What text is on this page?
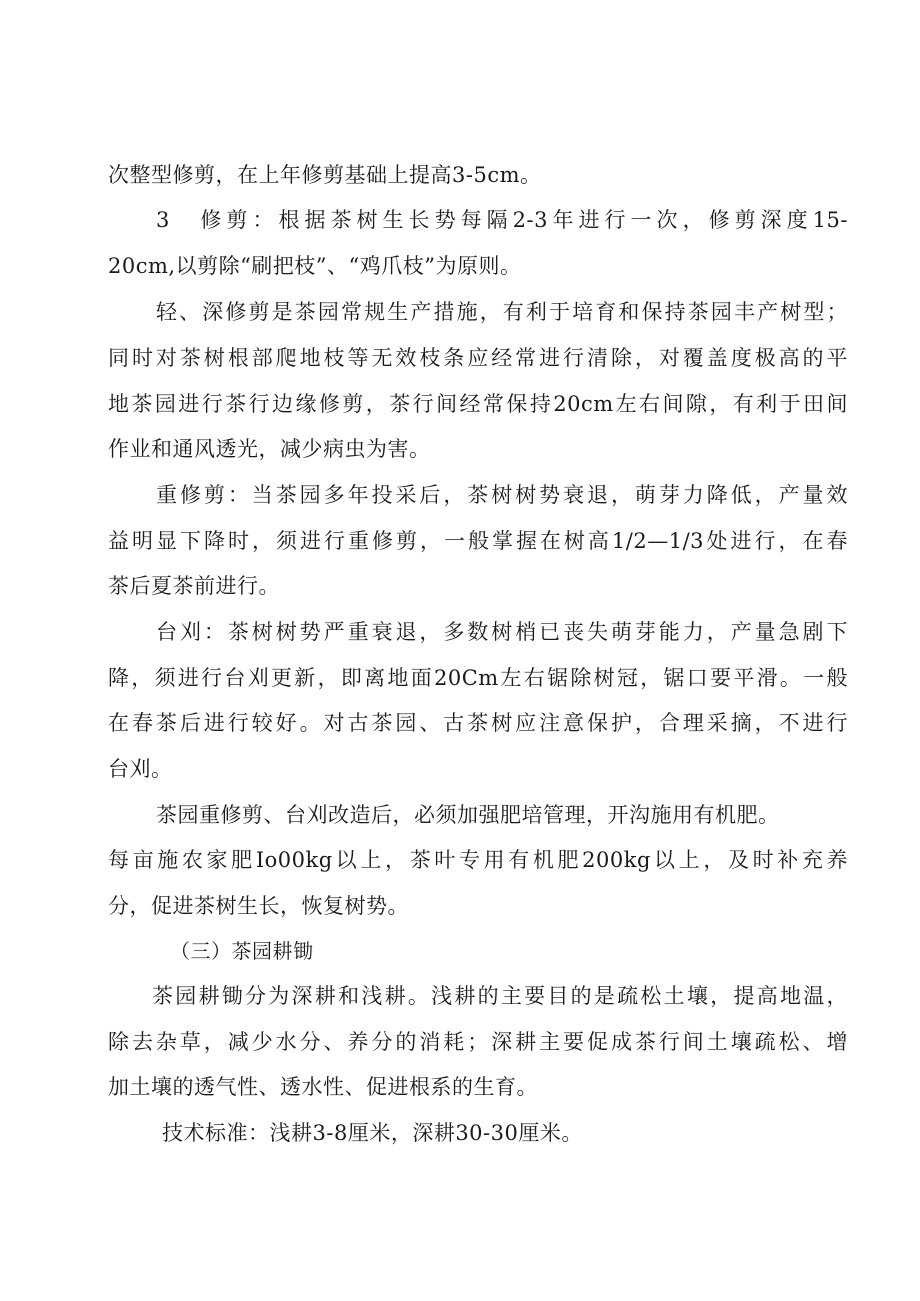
次整型修剪，在上年修剪基础上提高3-5cm。
3　修剪：根据茶树生长势每隔2-3年进行一次，修剪深度15-
20cm,以剪除“刷把枝”、“鸡爪枝”为原则。
轻、深修剪是茶园常规生产措施，有利于培育和保持茶园丰产树型；
同时对茶树根部爬地枝等无效枝条应经常进行清除，对覆盖度极高的平
地茶园进行茶行边缘修剪，茶行间经常保持20cm左右间隙，有利于田间
作业和通风透光，减少病虫为害。
重修剪：当茶园多年投采后，茶树树势衰退，萌芽力降低，产量效
益明显下降时，须进行重修剪，一般掌握在树高1/2—1/3处进行，在春
茶后夏茶前进行。
台刈：茶树树势严重衰退，多数树梢已丧失萌芽能力，产量急剧下
降，须进行台刈更新，即离地面20Cm左右锯除树冠，锯口要平滑。一般
在春茶后进行较好。对古茶园、古茶树应注意保护，合理采摘，不进行
台刈。
茶园重修剪、台刈改造后，必须加强肥培管理，开沟施用有机肥。
每亩施农家肥Io00kg以上，茶叶专用有机肥200kg以上，及时补充养
分，促进茶树生长，恢复树势。
（三）茶园耕锄
茶园耕锄分为深耕和浅耕。浅耕的主要目的是疏松土壤，提高地温，
除去杂草，减少水分、养分的消耗；深耕主要促成茶行间土壤疏松、增
加土壤的透气性、透水性、促进根系的生育。
技术标准：浅耕3-8厘米，深耕30-30厘米。
